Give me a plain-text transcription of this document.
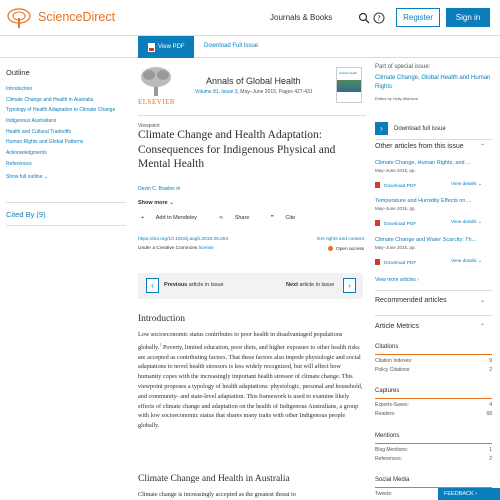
ScienceDirect	Journals & Books	?	Register	Sign in
View PDF	Download Full Issue
Outline
Introduction
Climate Change and Health in Australia
Typology of Health Adaptation to Climate Change
Indigenous Australians
Health and Cultural Tradeoffs
Human Rights and Global Patterns
Acknowledgments
References
Show full outline ⌄
Cited By (9)
ELSEVIER
Annals of Global Health
Volume 81, Issue 3, May–June 2015, Pages 427-431
Global Health
Viewpoint
Climate Change and Health Adaptation: Consequences for Indigenous Physical and Mental Health
Devin C. Bowles ✉
Show more ⌄
+ Add to Mendeley	⋖ Share	❞ Cite
https://doi.org/10.1016/j.aogh.2015.06.004	Get rights and content
Under a Creative Commons license	Open access
‹	Previous article in issue	Next article in issue	›
Introduction

Low socioeconomic status contributes to poor health in disadvantaged populations globally.$^1$ Poverty, limited education, poor diets, and higher exposure to other health risks are accepted as contributing factors. That these factors also impede physiologic and social adaptations to novel health stressors is less widely recognized, but will affect how humanity copes with the increasingly important health stressor of climate change. This viewpoint proposes a typology of health adaptations: physiologic, personal and household, and community- and state-level adaptation. This framework is used to examine likely effects of climate change and adaptation on the health of Indigenous Australians, a group with low socioeconomic status that shares many traits with other Indigenous people globally.

Climate Change and Health in Australia

Climate change is increasingly accepted as the greatest threat to

Part of special issue:
Climate Change, Global Health and Human Rights
Edited by Holly Atkinson
›	Download full issue
Other articles from this issue	⌃
Climate Change, Human Rights, and ...
May–June 2015, pp.
Download PDF	View details ⌄
Temperature and Humidity Effects on ...
May–June 2015, pp.
Download PDF	View details ⌄
Climate Change and Water Scarcity: Th...
May–June 2015, pp.
Download PDF	View details ⌄
View more articles ›
Recommended articles	⌄
Article Metrics	⌃
Citations
Citation Indexes:	9
Policy Citations:	2
Captures
Exports-Saves:	4
Readers:	68
Mentions
Blog Mentions:	1
References:	2
Social Media
Tweets:	FEEDBACK ›
